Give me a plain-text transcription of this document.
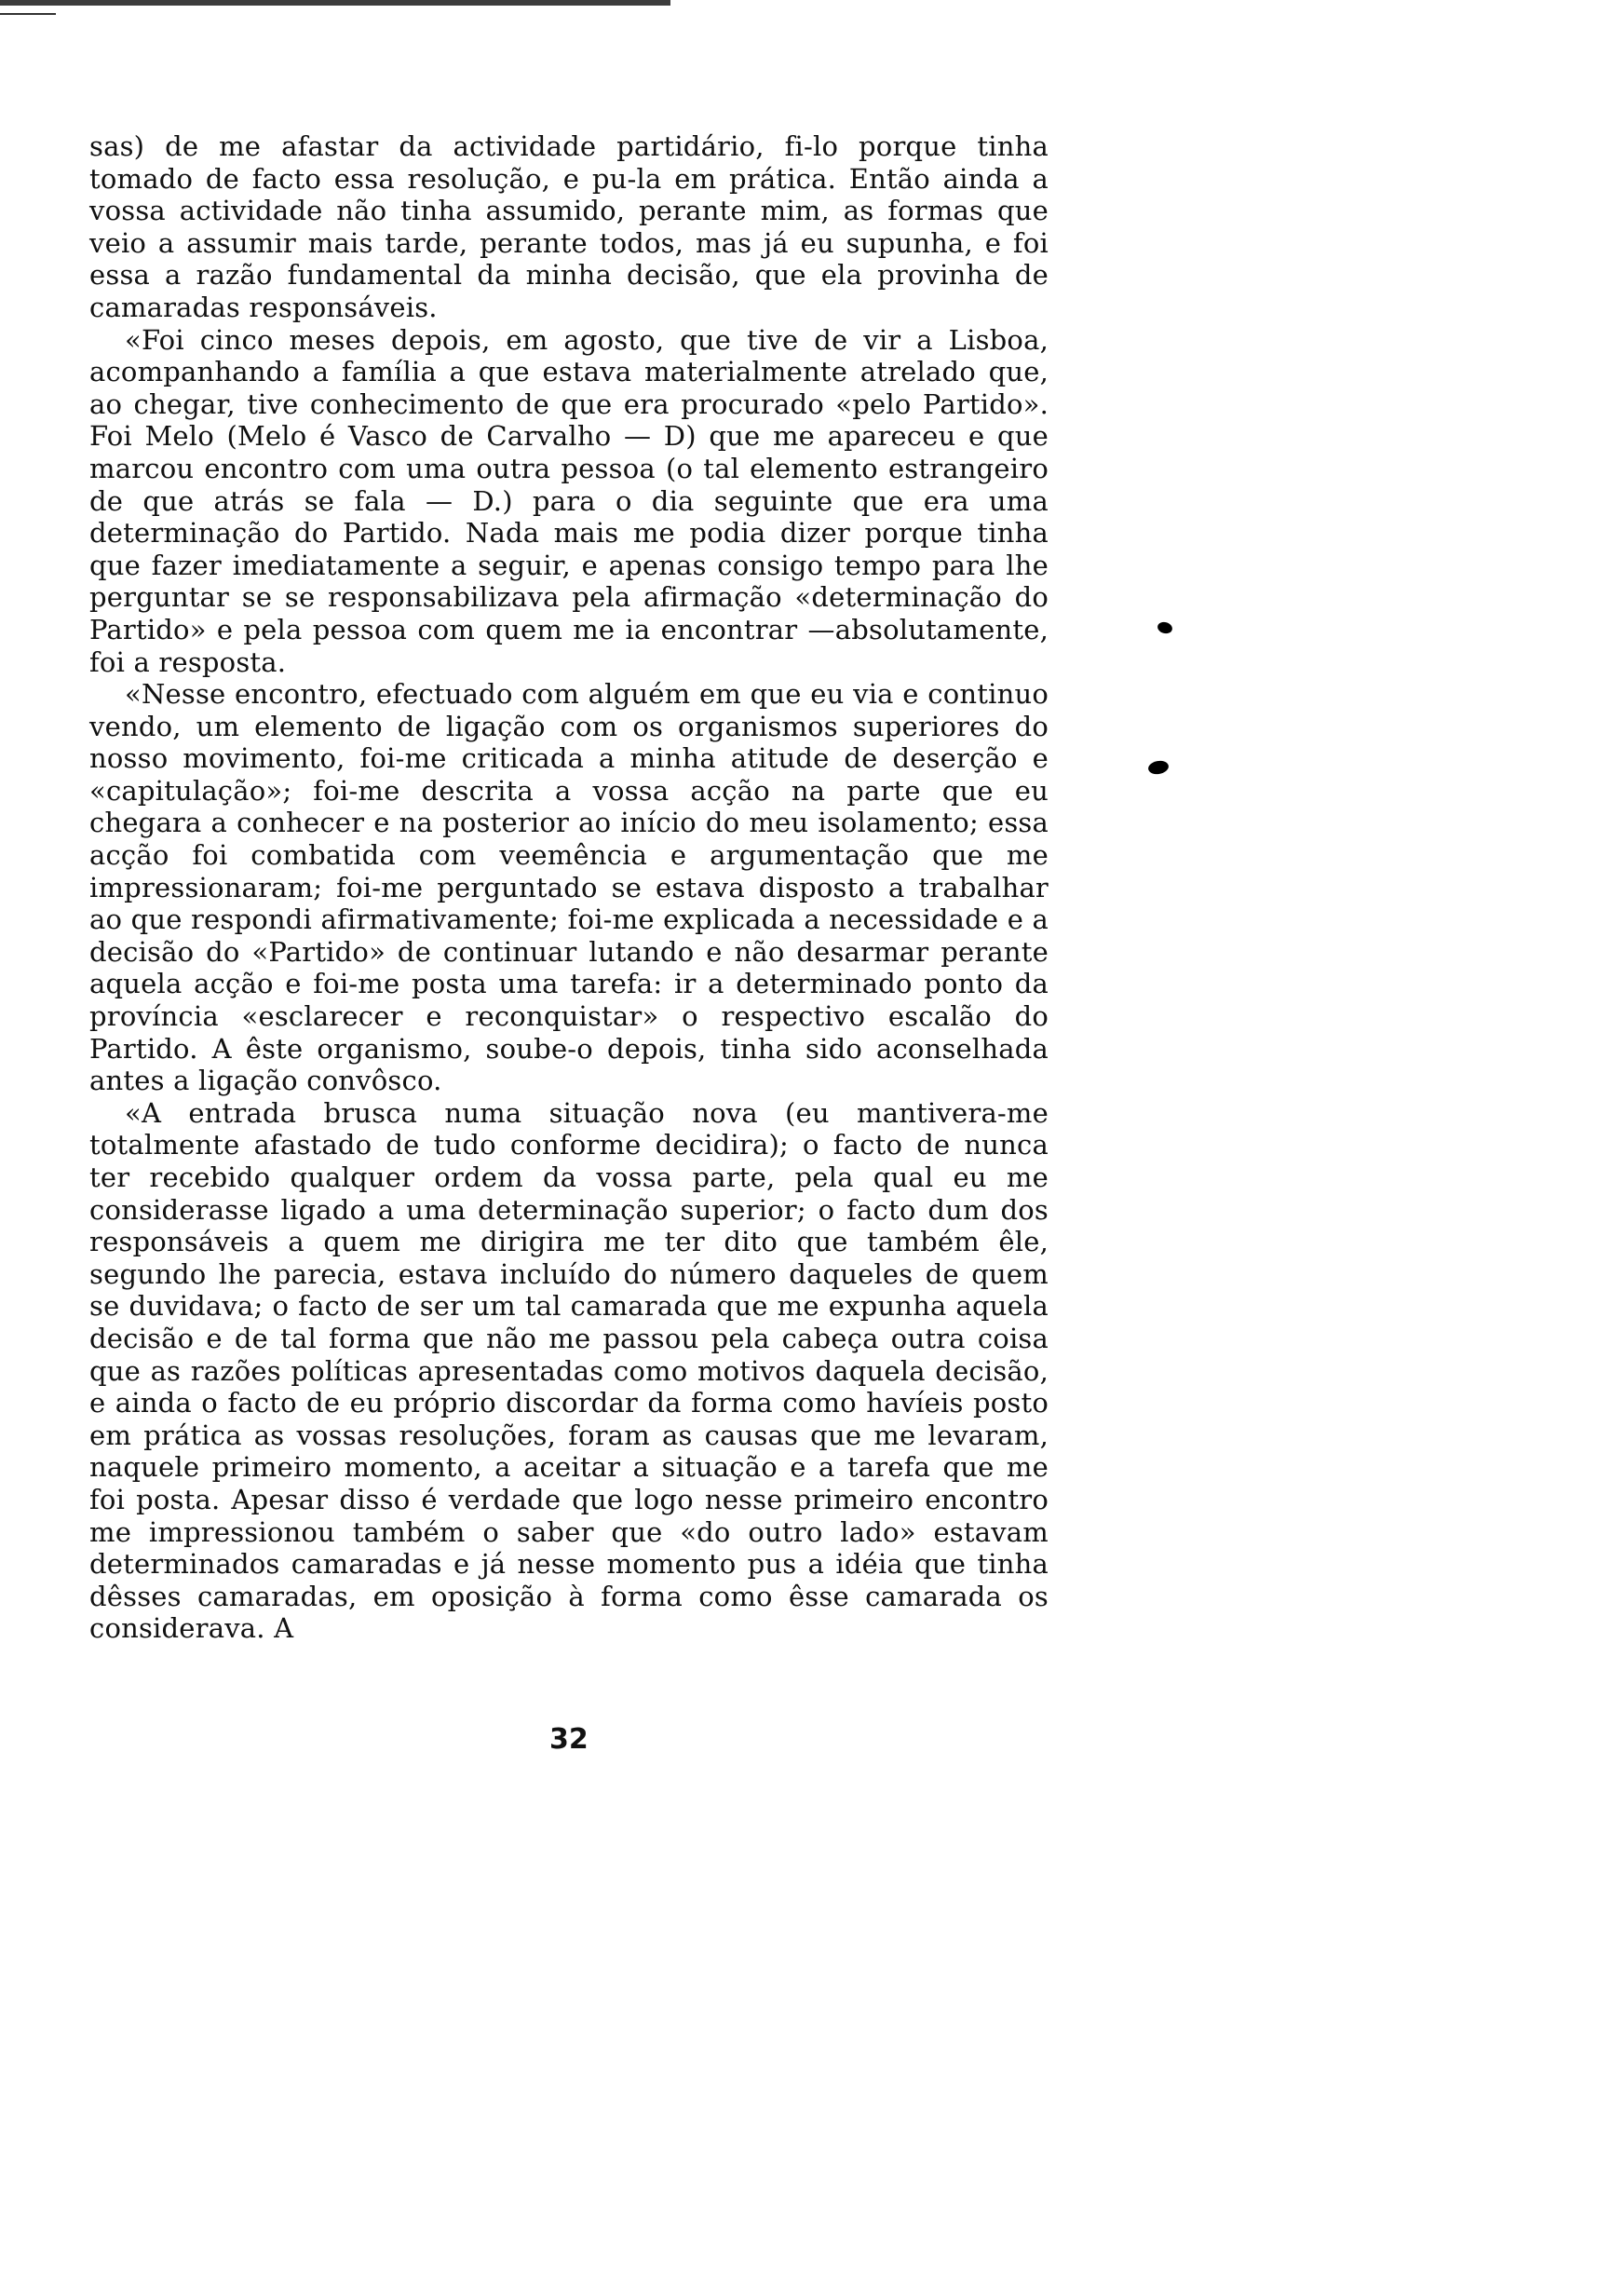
sas) de me afastar da actividade partidário, fi-lo porque tinha tomado de facto essa resolução, e pu-la em prática. Então ainda a vossa actividade não tinha assumido, perante mim, as formas que veio a assumir mais tarde, perante todos, mas já eu supunha, e foi essa a razão fundamental da minha decisão, que ela provinha de camaradas responsáveis.

«Foi cinco meses depois, em agosto, que tive de vir a Lisboa, acompanhando a família a que estava materialmente atrelado que, ao chegar, tive conhecimento de que era procurado «pelo Partido». Foi Melo (Melo é Vasco de Carvalho — D) que me apareceu e que marcou encontro com uma outra pessoa (o tal elemento estrangeiro de que atrás se fala — D.) para o dia seguinte que era uma determinação do Partido. Nada mais me podia dizer porque tinha que fazer imediatamente a seguir, e apenas consigo tempo para lhe perguntar se se responsabilizava pela afirmação «determinação do Partido» e pela pessoa com quem me ia encontrar —absolutamente, foi a resposta.

«Nesse encontro, efectuado com alguém em que eu via e continuo vendo, um elemento de ligação com os organismos superiores do nosso movimento, foi-me criticada a minha atitude de deserção e «capitulação»; foi-me descrita a vossa acção na parte que eu chegara a conhecer e na posterior ao início do meu isolamento; essa acção foi combatida com veemência e argumentação que me impressionaram; foi-me perguntado se estava disposto a trabalhar ao que respondi afirmativamente; foi-me explicada a necessidade e a decisão do «Partido» de continuar lutando e não desarmar perante aquela acção e foi-me posta uma tarefa: ir a determinado ponto da província «esclarecer e reconquistar» o respectivo escalão do Partido. A êste organismo, soube-o depois, tinha sido aconselhada antes a ligação convôsco.

«A entrada brusca numa situação nova (eu mantivera-me totalmente afastado de tudo conforme decidira); o facto de nunca ter recebido qualquer ordem da vossa parte, pela qual eu me considerasse ligado a uma determinação superior; o facto dum dos responsáveis a quem me dirigira me ter dito que também êle, segundo lhe parecia, estava incluído do número daqueles de quem se duvidava; o facto de ser um tal camarada que me expunha aquela decisão e de tal forma que não me passou pela cabeça outra coisa que as razões políticas apresentadas como motivos daquela decisão, e ainda o facto de eu próprio discordar da forma como havíeis posto em prática as vossas resoluções, foram as causas que me levaram, naquele primeiro momento, a aceitar a situação e a tarefa que me foi posta. Apesar disso é verdade que logo nesse primeiro encontro me impressionou também o saber que «do outro lado» estavam determinados camaradas e já nesse momento pus a idéia que tinha dêsses camaradas, em oposição à forma como êsse camarada os considerava. A

32
